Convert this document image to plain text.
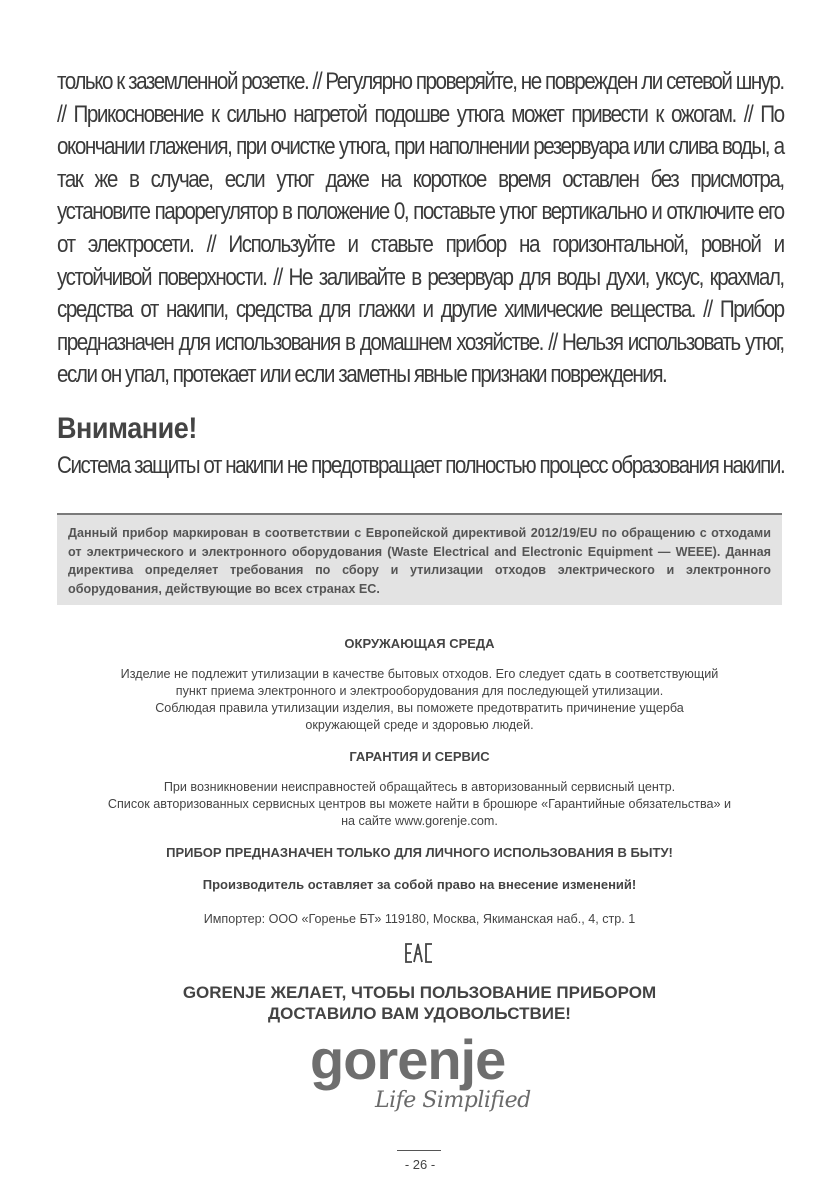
только к заземленной розетке. // Регулярно проверяйте, не поврежден ли сетевой шнур. // Прикосновение к сильно нагретой подошве утюга может привести к ожогам. // По окончании глажения, при очистке утюга, при наполнении резервуара или слива воды, а так же в случае, если утюг даже на короткое время оставлен без присмотра, установите парорегулятор в положение 0, поставьте утюг вертикально и отключите его от электросети. // Используйте и ставьте прибор на горизонтальной, ровной и устойчивой поверхности. // Не заливайте в резервуар для воды духи, уксус, крахмал, средства от накипи, средства для глажки и другие химические вещества. // Прибор предназначен для использования в домашнем хозяйстве. // Нельзя использовать утюг, если он упал, протекает или если заметны явные признаки повреждения.

Внимание!
Система защиты от накипи не предотвращает полностью процесс образования накипи.

Данный прибор маркирован в соответствии с Европейской директивой 2012/19/EU по обращению с отходами от электрического и электронного оборудования (Waste Electrical and Electronic Equipment — WEEE). Данная директива определяет требования по сбору и утилизации отходов электрического и электронного оборудования, действующие во всех странах ЕС.

ОКРУЖАЮЩАЯ СРЕДА
Изделие не подлежит утилизации в качестве бытовых отходов. Его следует сдать в соответствующий
пункт приема электронного и электрооборудования для последующей утилизации.
Соблюдая правила утилизации изделия, вы поможете предотвратить причинение ущерба
окружающей среде и здоровью людей.
ГАРАНТИЯ И СЕРВИС
При возникновении неисправностей обращайтесь в авторизованный сервисный центр.
Список авторизованных сервисных центров вы можете найти в брошюре «Гарантийные обязательства» и
на сайте www.gorenje.com.
ПРИБОР ПРЕДНАЗНАЧЕН ТОЛЬКО ДЛЯ ЛИЧНОГО ИСПОЛЬЗОВАНИЯ В БЫТУ!
Производитель оставляет за собой право на внесение изменений!
Импортер: ООО «Горенье БТ» 119180, Москва, Якиманская наб., 4, стр. 1
GORENJE ЖЕЛАЕТ, ЧТОБЫ ПОЛЬЗОВАНИЕ ПРИБОРОМ
ДОСТАВИЛО ВАМ УДОВОЛЬСТВИЕ!
gorenje
Life Simplified
- 26 -
